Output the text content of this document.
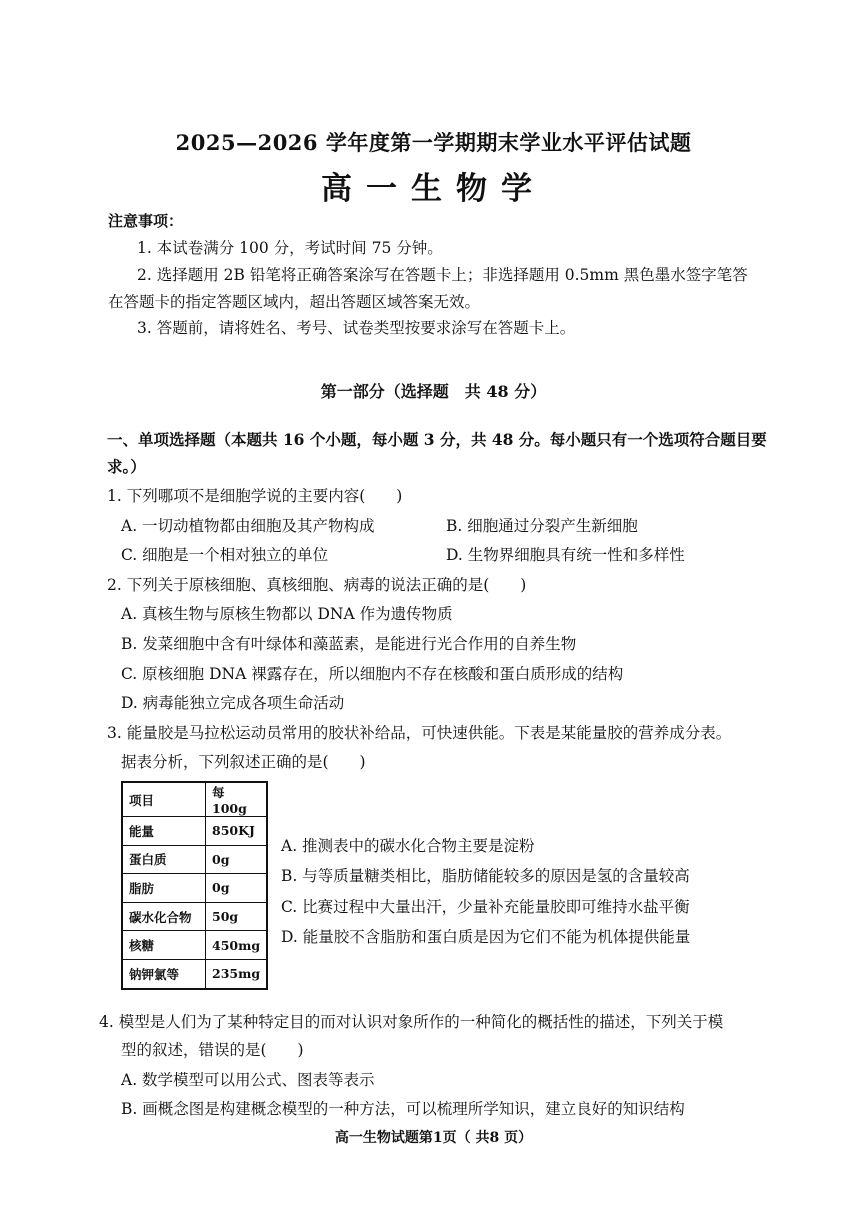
2025—2026 学年度第一学期期末学业水平评估试题
高一生物学
注意事项：
1. 本试卷满分 100 分，考试时间 75 分钟。
2. 选择题用 2B 铅笔将正确答案涂写在答题卡上；非选择题用 0.5mm 黑色墨水签字笔答
在答题卡的指定答题区域内，超出答题区域答案无效。
3. 答题前，请将姓名、考号、试卷类型按要求涂写在答题卡上。
第一部分（选择题　共 48 分）
一、单项选择题（本题共 16 个小题，每小题 3 分，共 48 分。每小题只有一个选项符合题目要
求。）
1. 下列哪项不是细胞学说的主要内容(　　)
A. 一切动植物都由细胞及其产物构成	B. 细胞通过分裂产生新细胞
C. 细胞是一个相对独立的单位	D. 生物界细胞具有统一性和多样性
2. 下列关于原核细胞、真核细胞、病毒的说法正确的是(　　)
A. 真核生物与原核生物都以 DNA 作为遗传物质
B. 发菜细胞中含有叶绿体和藻蓝素，是能进行光合作用的自养生物
C. 原核细胞 DNA 裸露存在，所以细胞内不存在核酸和蛋白质形成的结构
D. 病毒能独立完成各项生命活动
3. 能量胶是马拉松运动员常用的胶状补给品，可快速供能。下表是某能量胶的营养成分表。
据表分析，下列叙述正确的是(　　)
项目	每 100g
能量	850KJ
蛋白质	0g
脂肪	0g
碳水化合物	50g
核糖	450mg
钠钾氯等	235mg
A. 推测表中的碳水化合物主要是淀粉
B. 与等质量糖类相比，脂肪储能较多的原因是氢的含量较高
C. 比赛过程中大量出汗，少量补充能量胶即可维持水盐平衡
D. 能量胶不含脂肪和蛋白质是因为它们不能为机体提供能量
4. 模型是人们为了某种特定目的而对认识对象所作的一种简化的概括性的描述，下列关于模
型的叙述，错误的是(　　)
A. 数学模型可以用公式、图表等表示
B. 画概念图是构建概念模型的一种方法，可以梳理所学知识，建立良好的知识结构
高一生物试题第1页（ 共8 页）
